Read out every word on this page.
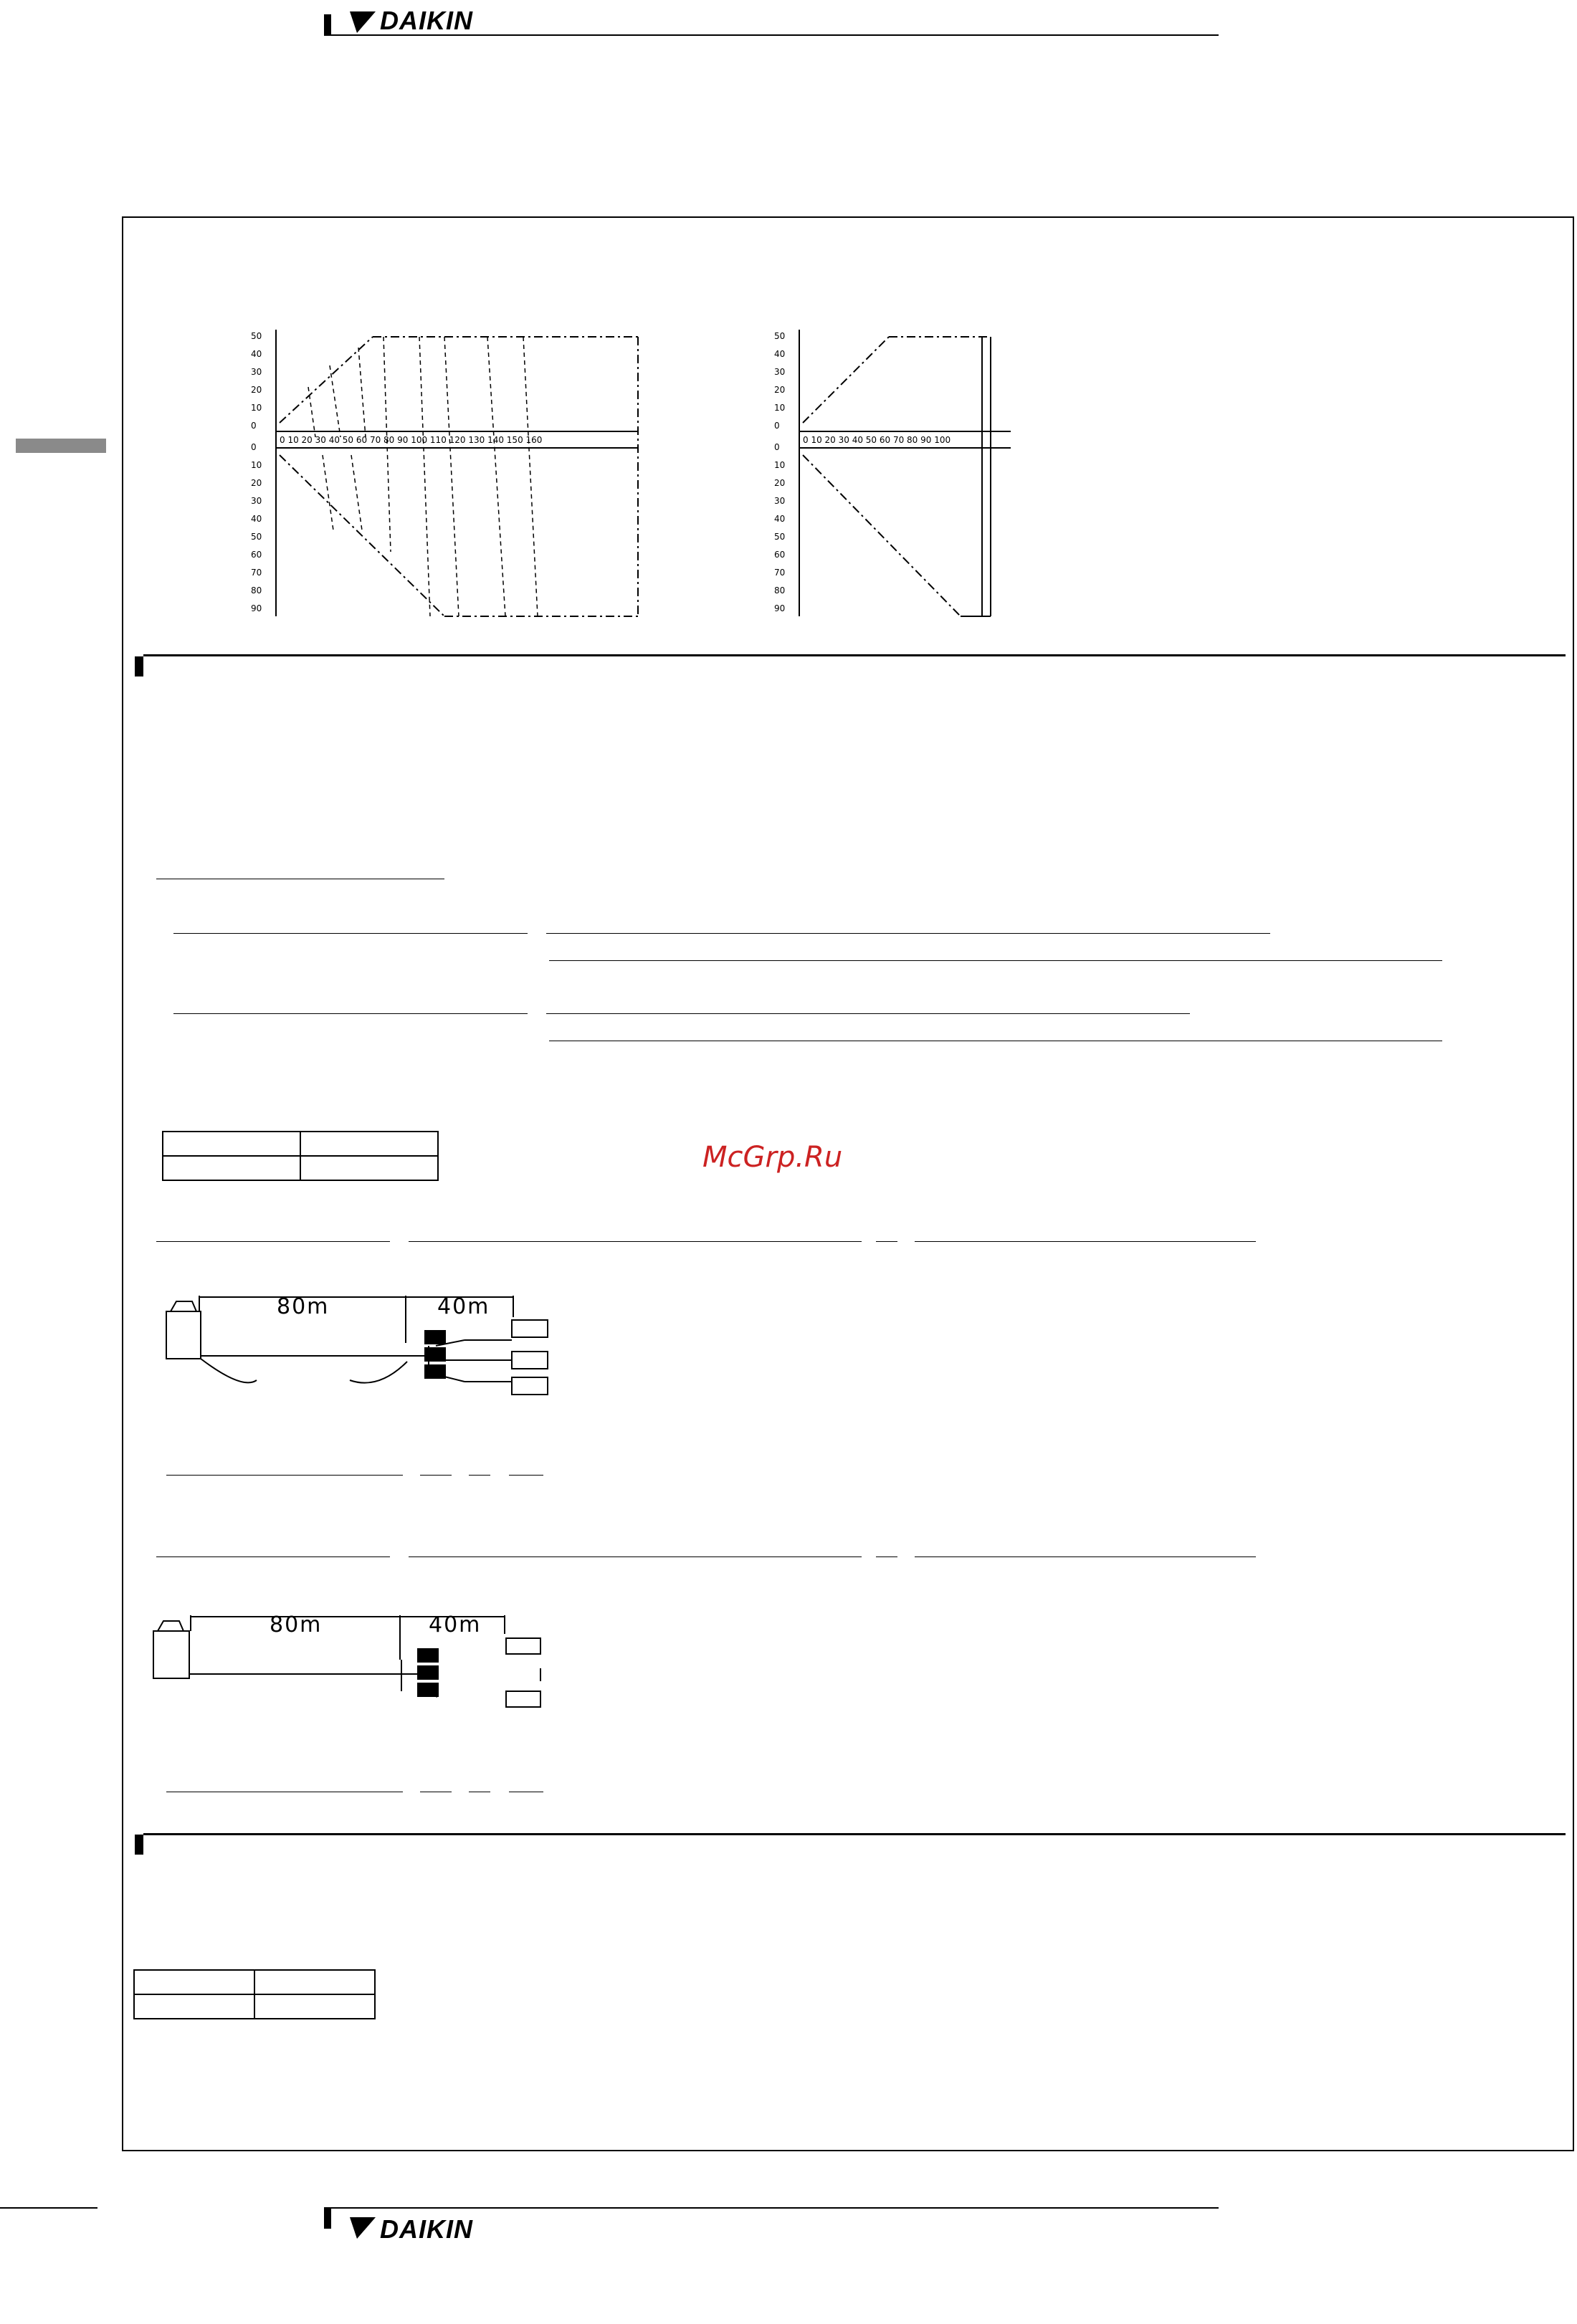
DAIKIN
50
40
30
20
10
0
0
10
20
30
40
50
60
70
80
90
0 10 20 30 40 50 60 70 80 90 100 110 120 130 140 150 160
50
40
30
20
10
0
0
10
20
30
40
50
60
70
80
90
0 10 20 30 40 50 60 70 80 90 100

McGrp.Ru
80m	40m
80m	40m

DAIKIN
